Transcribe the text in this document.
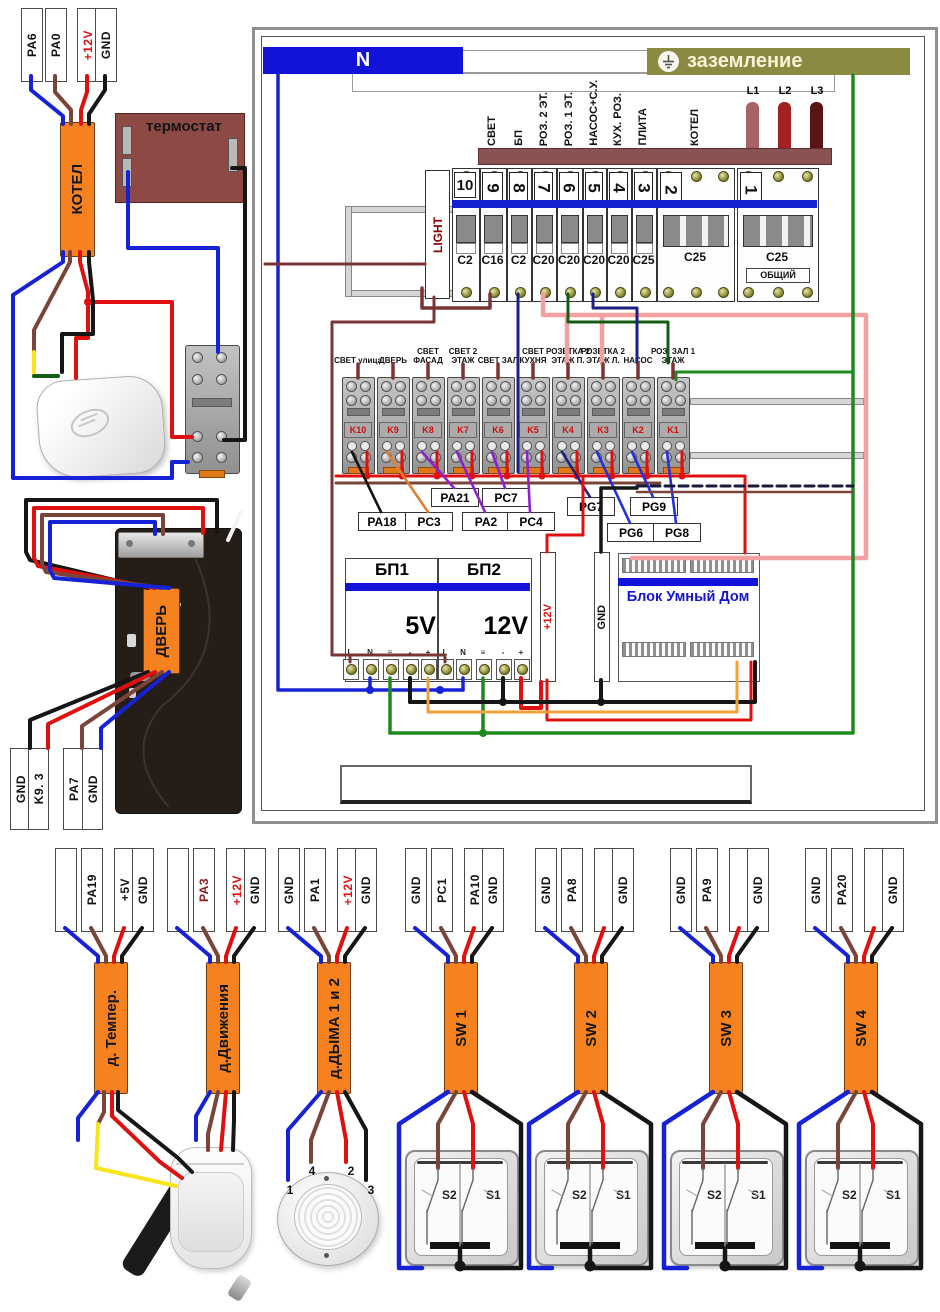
N	заземление
L1	L2	L3
СВЕТ БП РОЗ. 2 ЭТ. РОЗ. 1 ЭТ. НАСОС+С.У. КУХ. РОЗ. ПЛИТА	КОТЕЛ
LIGHT
10
C2
9
C16
8
C2
7
C20
6
C20
5
C20
4
C20
3
C25
2
C25
1
C25
ОБЩИЙ
СВЕТ улица
K10
ДВЕРЬ
K9
СВЕТ ФАСАД
K8
СВЕТ 2 ЭТАЖ
K7
СВЕТ ЗАЛ
K6
СВЕТ КУХНЯ
K5
РОЗЕТКА 2 ЭТАЖ П.
K4
РОЗЕТКА 2 ЭТАЖ Л.
K3
НАСОС
K2
РОЗ. ЗАЛ 1 ЭТАЖ
K1
PA18 PC3
PA21
PA2
PC7
PC4
PG7
PG6
PG9
PG8
БП1	БП2
5V	12V
L	N	≡	-	+	L	N	≡	-	+
+12V	GND
Блок Умный Дом
PA6 PA0 +12V GND
КОТЕЛ
термостат
ДВЕРЬ
GND K9. 3 PA7 GND
PA19 +5V GND
д. Темпер.
PA3 +12V GND
д.Движения
GND PA1 +12V GND
д.ДЫМА 1 и 2
GND PC1 PA10 GND
SW 1
GND PA8	GND
SW 2
GND PA9	GND
SW 3
GND PA20	GND
SW 4
1
4	2
3	S2	S1	S2	S1	S2	S1	S2	S1
